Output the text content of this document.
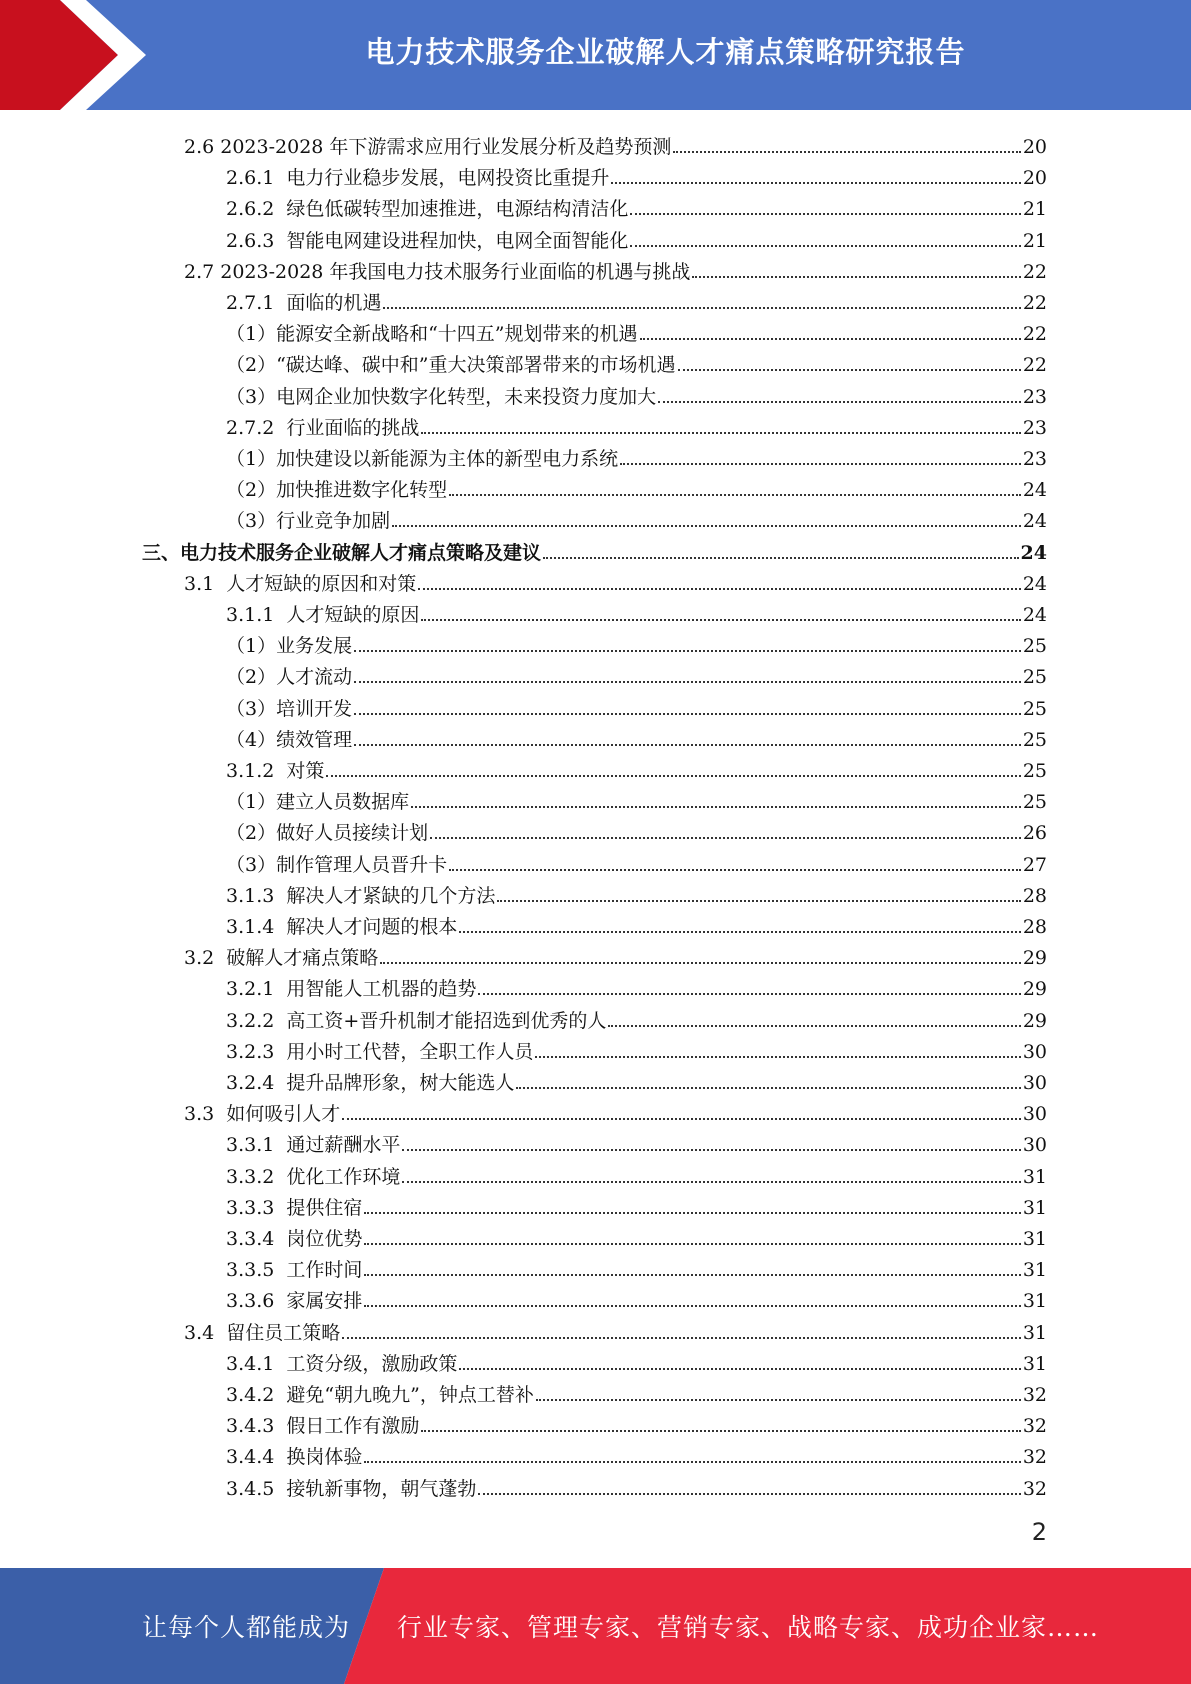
电力技术服务企业破解人才痛点策略研究报告
2.6 2023-2028 年下游需求应用行业发展分析及趋势预测	20
2.6.1  电力行业稳步发展，电网投资比重提升	20
2.6.2  绿色低碳转型加速推进，电源结构清洁化	21
2.6.3  智能电网建设进程加快，电网全面智能化	21
2.7 2023-2028 年我国电力技术服务行业面临的机遇与挑战	22
2.7.1  面临的机遇	22
（1）能源安全新战略和“十四五”规划带来的机遇	22
（2）“碳达峰、碳中和”重大决策部署带来的市场机遇	22
（3）电网企业加快数字化转型，未来投资力度加大	23
2.7.2  行业面临的挑战	23
（1）加快建设以新能源为主体的新型电力系统	23
（2）加快推进数字化转型	24
（3）行业竞争加剧	24
三、电力技术服务企业破解人才痛点策略及建议	24
3.1  人才短缺的原因和对策	24
3.1.1  人才短缺的原因	24
（1）业务发展	25
（2）人才流动	25
（3）培训开发	25
（4）绩效管理	25
3.1.2  对策	25
（1）建立人员数据库	25
（2）做好人员接续计划	26
（3）制作管理人员晋升卡	27
3.1.3  解决人才紧缺的几个方法	28
3.1.4  解决人才问题的根本	28
3.2  破解人才痛点策略	29
3.2.1  用智能人工机器的趋势	29
3.2.2  高工资+晋升机制才能招选到优秀的人	29
3.2.3  用小时工代替，全职工作人员	30
3.2.4  提升品牌形象，树大能选人	30
3.3  如何吸引人才	30
3.3.1  通过薪酬水平	30
3.3.2  优化工作环境	31
3.3.3  提供住宿	31
3.3.4  岗位优势	31
3.3.5  工作时间	31
3.3.6  家属安排	31
3.4  留住员工策略	31
3.4.1  工资分级，激励政策	31
3.4.2  避免“朝九晚九”，钟点工替补	32
3.4.3  假日工作有激励	32
3.4.4  换岗体验	32
3.4.5  接轨新事物，朝气蓬勃	32
2
让每个人都能成为 行业专家、管理专家、营销专家、战略专家、成功企业家……
